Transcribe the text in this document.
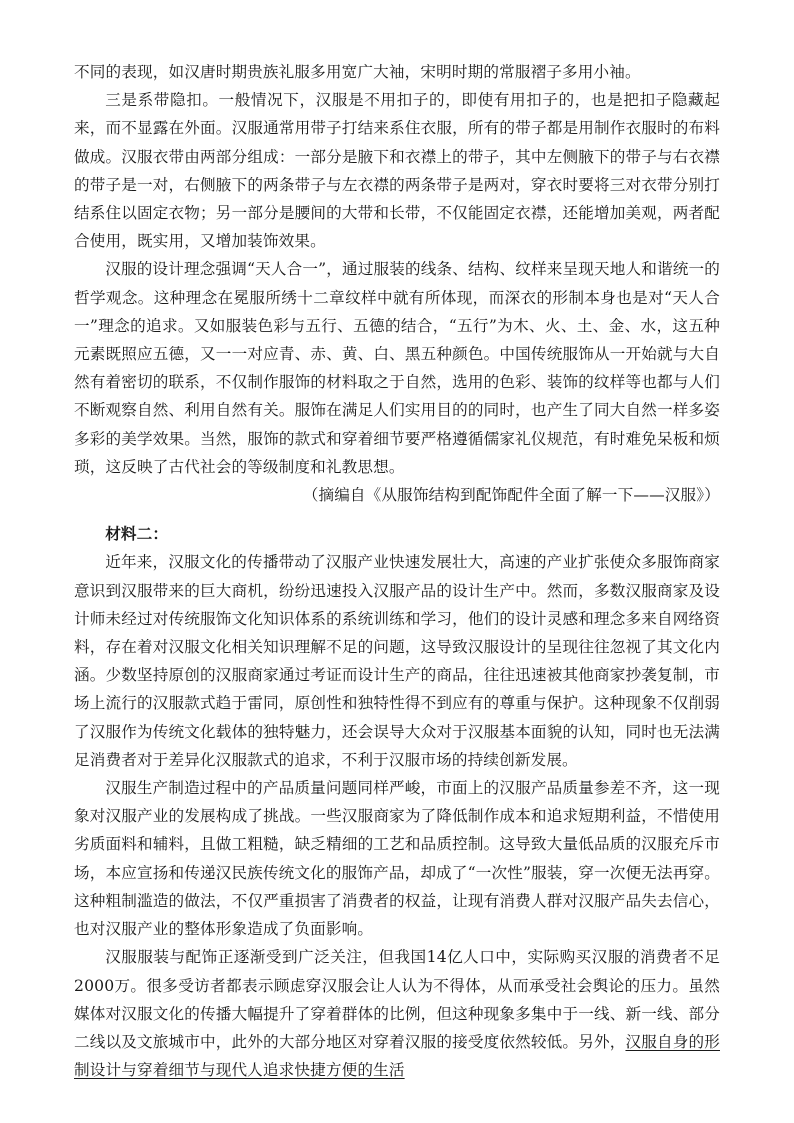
不同的表现，如汉唐时期贵族礼服多用宽广大袖，宋明时期的常服褶子多用小袖。

三是系带隐扣。一般情况下，汉服是不用扣子的，即使有用扣子的，也是把扣子隐藏起来，而不显露在外面。汉服通常用带子打结来系住衣服，所有的带子都是用制作衣服时的布料做成。汉服衣带由两部分组成：一部分是腋下和衣襟上的带子，其中左侧腋下的带子与右衣襟的带子是一对，右侧腋下的两条带子与左衣襟的两条带子是两对，穿衣时要将三对衣带分别打结系住以固定衣物；另一部分是腰间的大带和长带，不仅能固定衣襟，还能增加美观，两者配合使用，既实用，又增加装饰效果。

汉服的设计理念强调“天人合一”，通过服装的线条、结构、纹样来呈现天地人和谐统一的哲学观念。这种理念在冕服所绣十二章纹样中就有所体现，而深衣的形制本身也是对“天人合一”理念的追求。又如服装色彩与五行、五德的结合，“五行”为木、火、土、金、水，这五种元素既照应五德，又一一对应青、赤、黄、白、黑五种颜色。中国传统服饰从一开始就与大自然有着密切的联系，不仅制作服饰的材料取之于自然，选用的色彩、装饰的纹样等也都与人们不断观察自然、利用自然有关。服饰在满足人们实用目的的同时，也产生了同大自然一样多姿多彩的美学效果。当然，服饰的款式和穿着细节要严格遵循儒家礼仪规范，有时难免呆板和烦琐，这反映了古代社会的等级制度和礼教思想。

（摘编自《从服饰结构到配饰配件全面了解一下——汉服》）

材料二：

近年来，汉服文化的传播带动了汉服产业快速发展壮大，高速的产业扩张使众多服饰商家意识到汉服带来的巨大商机，纷纷迅速投入汉服产品的设计生产中。然而，多数汉服商家及设计师未经过对传统服饰文化知识体系的系统训练和学习，他们的设计灵感和理念多来自网络资料，存在着对汉服文化相关知识理解不足的问题，这导致汉服设计的呈现往往忽视了其文化内涵。少数坚持原创的汉服商家通过考证而设计生产的商品，往往迅速被其他商家抄袭复制，市场上流行的汉服款式趋于雷同，原创性和独特性得不到应有的尊重与保护。这种现象不仅削弱了汉服作为传统文化载体的独特魅力，还会误导大众对于汉服基本面貌的认知，同时也无法满足消费者对于差异化汉服款式的追求，不利于汉服市场的持续创新发展。

汉服生产制造过程中的产品质量问题同样严峻，市面上的汉服产品质量参差不齐，这一现象对汉服产业的发展构成了挑战。一些汉服商家为了降低制作成本和追求短期利益，不惜使用劣质面料和辅料，且做工粗糙，缺乏精细的工艺和品质控制。这导致大量低品质的汉服充斥市场，本应宣扬和传递汉民族传统文化的服饰产品，却成了“一次性”服装，穿一次便无法再穿。这种粗制滥造的做法，不仅严重损害了消费者的权益，让现有消费人群对汉服产品失去信心，也对汉服产业的整体形象造成了负面影响。

汉服服装与配饰正逐渐受到广泛关注，但我国14亿人口中，实际购买汉服的消费者不足2000万。很多受访者都表示顾虑穿汉服会让人认为不得体，从而承受社会舆论的压力。虽然媒体对汉服文化的传播大幅提升了穿着群体的比例，但这种现象多集中于一线、新一线、部分二线以及文旅城市中，此外的大部分地区对穿着汉服的接受度依然较低。另外，汉服自身的形制设计与穿着细节与现代人追求快捷方便的生活
